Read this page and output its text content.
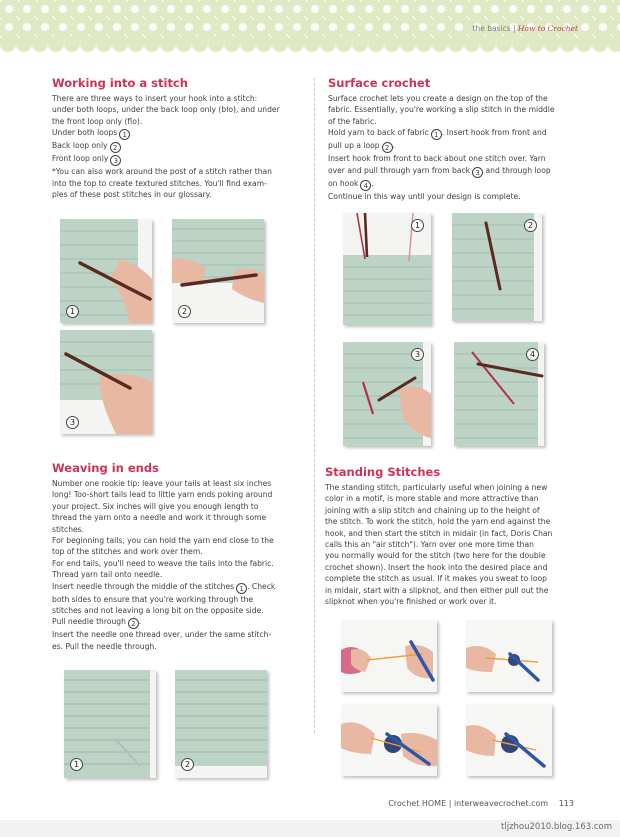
the basics | How to Crochet
Working into a stitch
There are three ways to insert your hook into a stitch:
under both loops, under the back loop only (blo), and under
the front loop only (flo).
Under both loops 1
Back loop only 2
Front loop only 3
*You can also work around the post of a stitch rather than
into the top to create textured stitches. You'll find exam-
ples of these post stitches in our glossary.
1	2
3
Weaving in ends
Number one rookie tip: leave your tails at least six inches
long! Too-short tails lead to little yarn ends poking around
your project. Six inches will give you enough length to
thread the yarn onto a needle and work it through some
stitches.
For beginning tails, you can hold the yarn end close to the
top of the stitches and work over them.
For end tails, you'll need to weave the tails into the fabric.
Thread yarn tail onto needle.
Insert needle through the middle of the stitches 1 . Check
both sides to ensure that you're working through the
stitches and not leaving a long bit on the opposite side.
Pull needle through 2 .
Insert the needle one thread over, under the same stitch-
es. Pull the needle through.
1	2
Surface crochet
Surface crochet lets you create a design on the top of the
fabric. Essentially, you're working a slip stitch in the middle
of the fabric.
Hold yarn to back of fabric 1 . Insert hook from front and
pull up a loop 2 .
Insert hook from front to back about one stitch over. Yarn
over and pull through yarn from back 3 and through loop
on hook 4 .
Continue in this way until your design is complete.
1	2
3	4
Standing Stitches
The standing stitch, particularly useful when joining a new
color in a motif, is more stable and more attractive than
joining with a slip stitch and chaining up to the height of
the stitch. To work the stitch, hold the yarn end against the
hook, and then start the stitch in midair (in fact, Doris Chan
calls this an "air stitch"). Yarn over one more time than
you normally would for the stitch (two here for the double
crochet shown). Insert the hook into the desired place and
complete the stitch as usual. If it makes you sweat to loop
in midair, start with a slipknot, and then either pull out the
slipknot when you're finished or work over it.
Crochet HOME | interweavecrochet.com 113
tljzhou2010.blog.163.com
